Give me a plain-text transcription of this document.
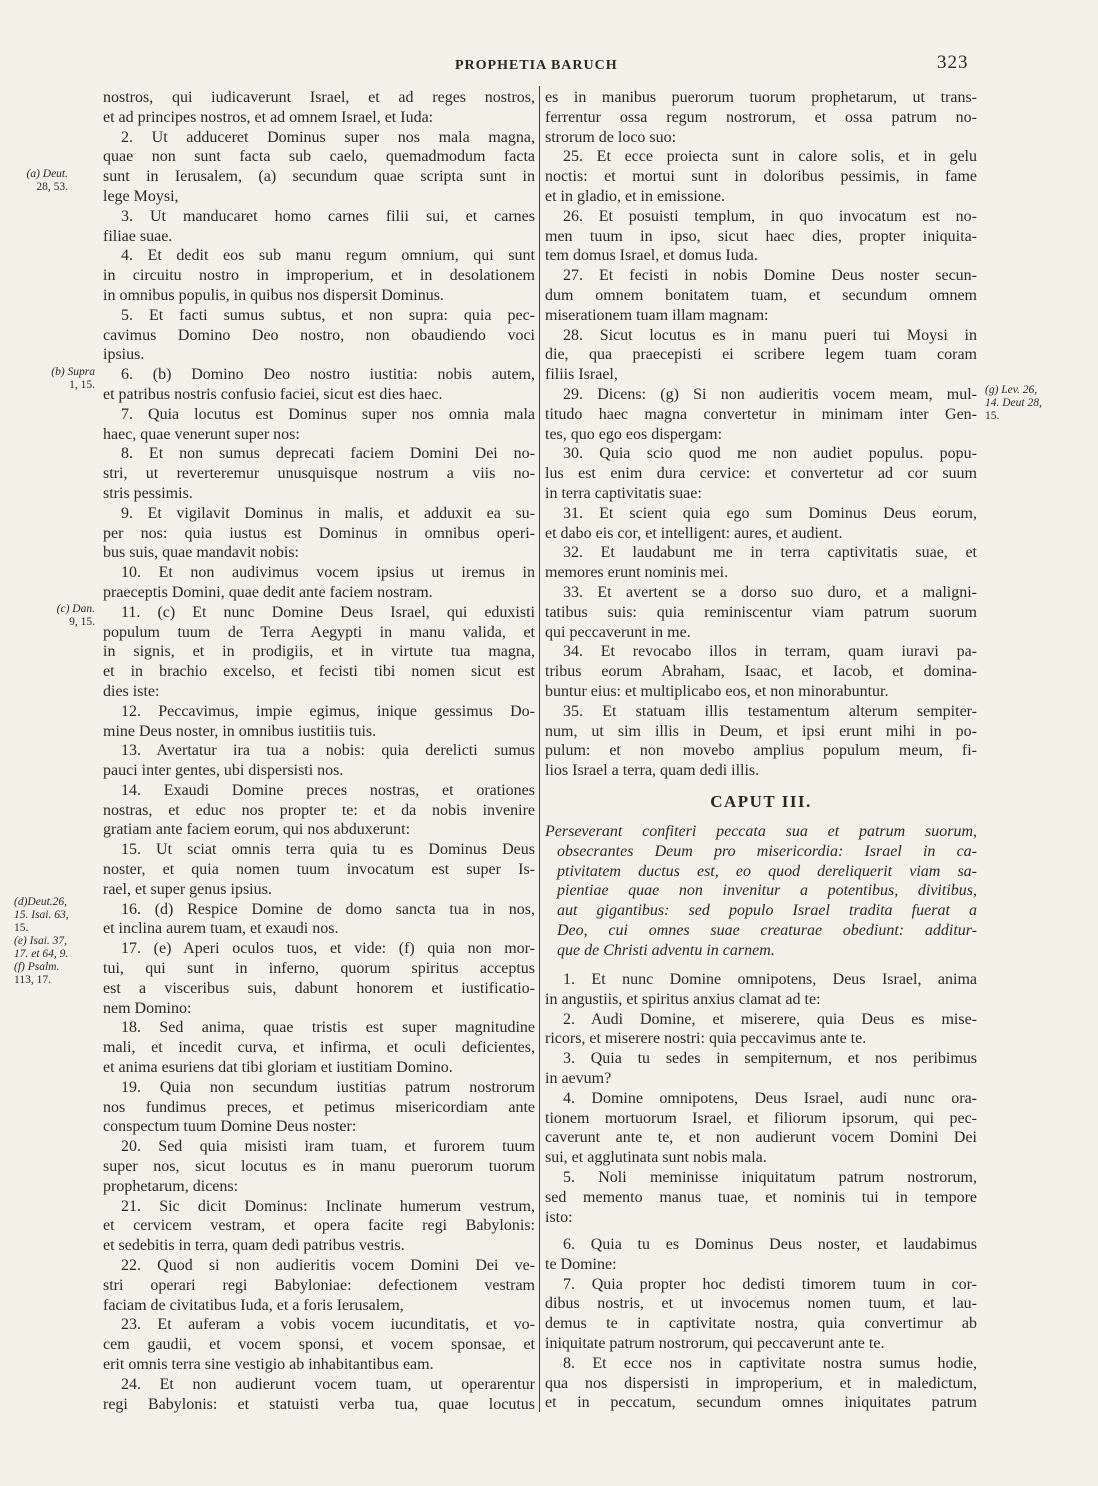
PROPHETIA BARUCH	323
nostros, qui iudicaverunt Israel, et ad reges nostros,
et ad principes nostros, et ad omnem Israel, et Iuda:
2. Ut adduceret Dominus super nos mala magna,
quae non sunt facta sub caelo, quemadmodum facta
sunt in Ierusalem, (a) secundum quae scripta sunt in
lege Moysi,
3. Ut manducaret homo carnes filii sui, et carnes
filiae suae.
4. Et dedit eos sub manu regum omnium, qui sunt
in circuitu nostro in improperium, et in desolationem
in omnibus populis, in quibus nos dispersit Dominus.
5. Et facti sumus subtus, et non supra: quia pec-
cavimus Domino Deo nostro, non obaudiendo voci
ipsius.
6. (b) Domino Deo nostro iustitia: nobis autem,
et patribus nostris confusio faciei, sicut est dies haec.
7. Quia locutus est Dominus super nos omnia mala
haec, quae venerunt super nos:
8. Et non sumus deprecati faciem Domini Dei no-
stri, ut reverteremur unusquisque nostrum a viis no-
stris pessimis.
9. Et vigilavit Dominus in malis, et adduxit ea su-
per nos: quia iustus est Dominus in omnibus operi-
bus suis, quae mandavit nobis:
10. Et non audivimus vocem ipsius ut iremus in
praeceptis Domini, quae dedit ante faciem nostram.
11. (c) Et nunc Domine Deus Israel, qui eduxisti
populum tuum de Terra Aegypti in manu valida, et
in signis, et in prodigiis, et in virtute tua magna,
et in brachio excelso, et fecisti tibi nomen sicut est
dies iste:
12. Peccavimus, impie egimus, inique gessimus Do-
mine Deus noster, in omnibus iustitiis tuis.
13. Avertatur ira tua a nobis: quia derelicti sumus
pauci inter gentes, ubi dispersisti nos.
14. Exaudi Domine preces nostras, et orationes
nostras, et educ nos propter te: et da nobis invenire
gratiam ante faciem eorum, qui nos abduxerunt:
15. Ut sciat omnis terra quia tu es Dominus Deus
noster, et quia nomen tuum invocatum est super Is-
rael, et super genus ipsius.
16. (d) Respice Domine de domo sancta tua in nos,
et inclina aurem tuam, et exaudi nos.
17. (e) Aperi oculos tuos, et vide: (f) quia non mor-
tui, qui sunt in inferno, quorum spiritus acceptus
est a visceribus suis, dabunt honorem et iustificatio-
nem Domino:
18. Sed anima, quae tristis est super magnitudine
mali, et incedit curva, et infirma, et oculi deficientes,
et anima esuriens dat tibi gloriam et iustitiam Domino.
19. Quia non secundum iustitias patrum nostrorum
nos fundimus preces, et petimus misericordiam ante
conspectum tuum Domine Deus noster:
20. Sed quia misisti iram tuam, et furorem tuum
super nos, sicut locutus es in manu puerorum tuorum
prophetarum, dicens:
21. Sic dicit Dominus: Inclinate humerum vestrum,
et cervicem vestram, et opera facite regi Babylonis:
et sedebitis in terra, quam dedi patribus vestris.
22. Quod si non audieritis vocem Domini Dei ve-
stri operari regi Babyloniae: defectionem vestram
faciam de civitatibus Iuda, et a foris Ierusalem,
23. Et auferam a vobis vocem iucunditatis, et vo-
cem gaudii, et vocem sponsi, et vocem sponsae, et
erit omnis terra sine vestigio ab inhabitantibus eam.
24. Et non audierunt vocem tuam, ut operarentur
regi Babylonis: et statuisti verba tua, quae locutus
es in manibus puerorum tuorum prophetarum, ut trans-
ferrentur ossa regum nostrorum, et ossa patrum no-
strorum de loco suo:
25. Et ecce proiecta sunt in calore solis, et in gelu
noctis: et mortui sunt in doloribus pessimis, in fame
et in gladio, et in emissione.
26. Et posuisti templum, in quo invocatum est no-
men tuum in ipso, sicut haec dies, propter iniquita-
tem domus Israel, et domus Iuda.
27. Et fecisti in nobis Domine Deus noster secun-
dum omnem bonitatem tuam, et secundum omnem
miserationem tuam illam magnam:
28. Sicut locutus es in manu pueri tui Moysi in
die, qua praecepisti ei scribere legem tuam coram
filiis Israel,
29. Dicens: (g) Si non audieritis vocem meam, mul-
titudo haec magna convertetur in minimam inter Gen-
tes, quo ego eos dispergam:
30. Quia scio quod me non audiet populus. popu-
lus est enim dura cervice: et convertetur ad cor suum
in terra captivitatis suae:
31. Et scient quia ego sum Dominus Deus eorum,
et dabo eis cor, et intelligent: aures, et audient.
32. Et laudabunt me in terra captivitatis suae, et
memores erunt nominis mei.
33. Et avertent se a dorso suo duro, et a maligni-
tatibus suis: quia reminiscentur viam patrum suorum
qui peccaverunt in me.
34. Et revocabo illos in terram, quam iuravi pa-
tribus eorum Abraham, Isaac, et Iacob, et domina-
buntur eius: et multiplicabo eos, et non minorabuntur.
35. Et statuam illis testamentum alterum sempiter-
num, ut sim illis in Deum, et ipsi erunt mihi in po-
pulum: et non movebo amplius populum meum, fi-
lios Israel a terra, quam dedi illis.
CAPUT III.
Perseverant confiteri peccata sua et patrum suorum,
obsecrantes Deum pro misericordia: Israel in ca-
ptivitatem ductus est, eo quod dereliquerit viam sa-
pientiae quae non invenitur a potentibus, divitibus,
aut gigantibus: sed populo Israel tradita fuerat a
Deo, cui omnes suae creaturae obediunt: additur-
que de Christi adventu in carnem.
1. Et nunc Domine omnipotens, Deus Israel, anima
in angustiis, et spiritus anxius clamat ad te:
2. Audi Domine, et miserere, quia Deus es mise-
ricors, et miserere nostri: quia peccavimus ante te.
3. Quia tu sedes in sempiternum, et nos peribimus
in aevum?
4. Domine omnipotens, Deus Israel, audi nunc ora-
tionem mortuorum Israel, et filiorum ipsorum, qui pec-
caverunt ante te, et non audierunt vocem Domini Dei
sui, et agglutinata sunt nobis mala.
5. Noli meminisse iniquitatum patrum nostrorum,
sed memento manus tuae, et nominis tui in tempore
isto:
6. Quia tu es Dominus Deus noster, et laudabimus
te Domine:
7. Quia propter hoc dedisti timorem tuum in cor-
dibus nostris, et ut invocemus nomen tuum, et lau-
demus te in captivitate nostra, quia convertimur ab
iniquitate patrum nostrorum, qui peccaverunt ante te.
8. Et ecce nos in captivitate nostra sumus hodie,
qua nos dispersisti in improperium, et in maledictum,
et in peccatum, secundum omnes iniquitates patrum
(a) Deut.
28, 53.
(b) Supra
1, 15.
(c) Dan.
9, 15.
(d)Deut.26,
15. Isai. 63,
15.
(e) Isai. 37,
17. et 64, 9.
(f) Psalm.
113, 17.
(g) Lev. 26,
14. Deut 28,
15.
